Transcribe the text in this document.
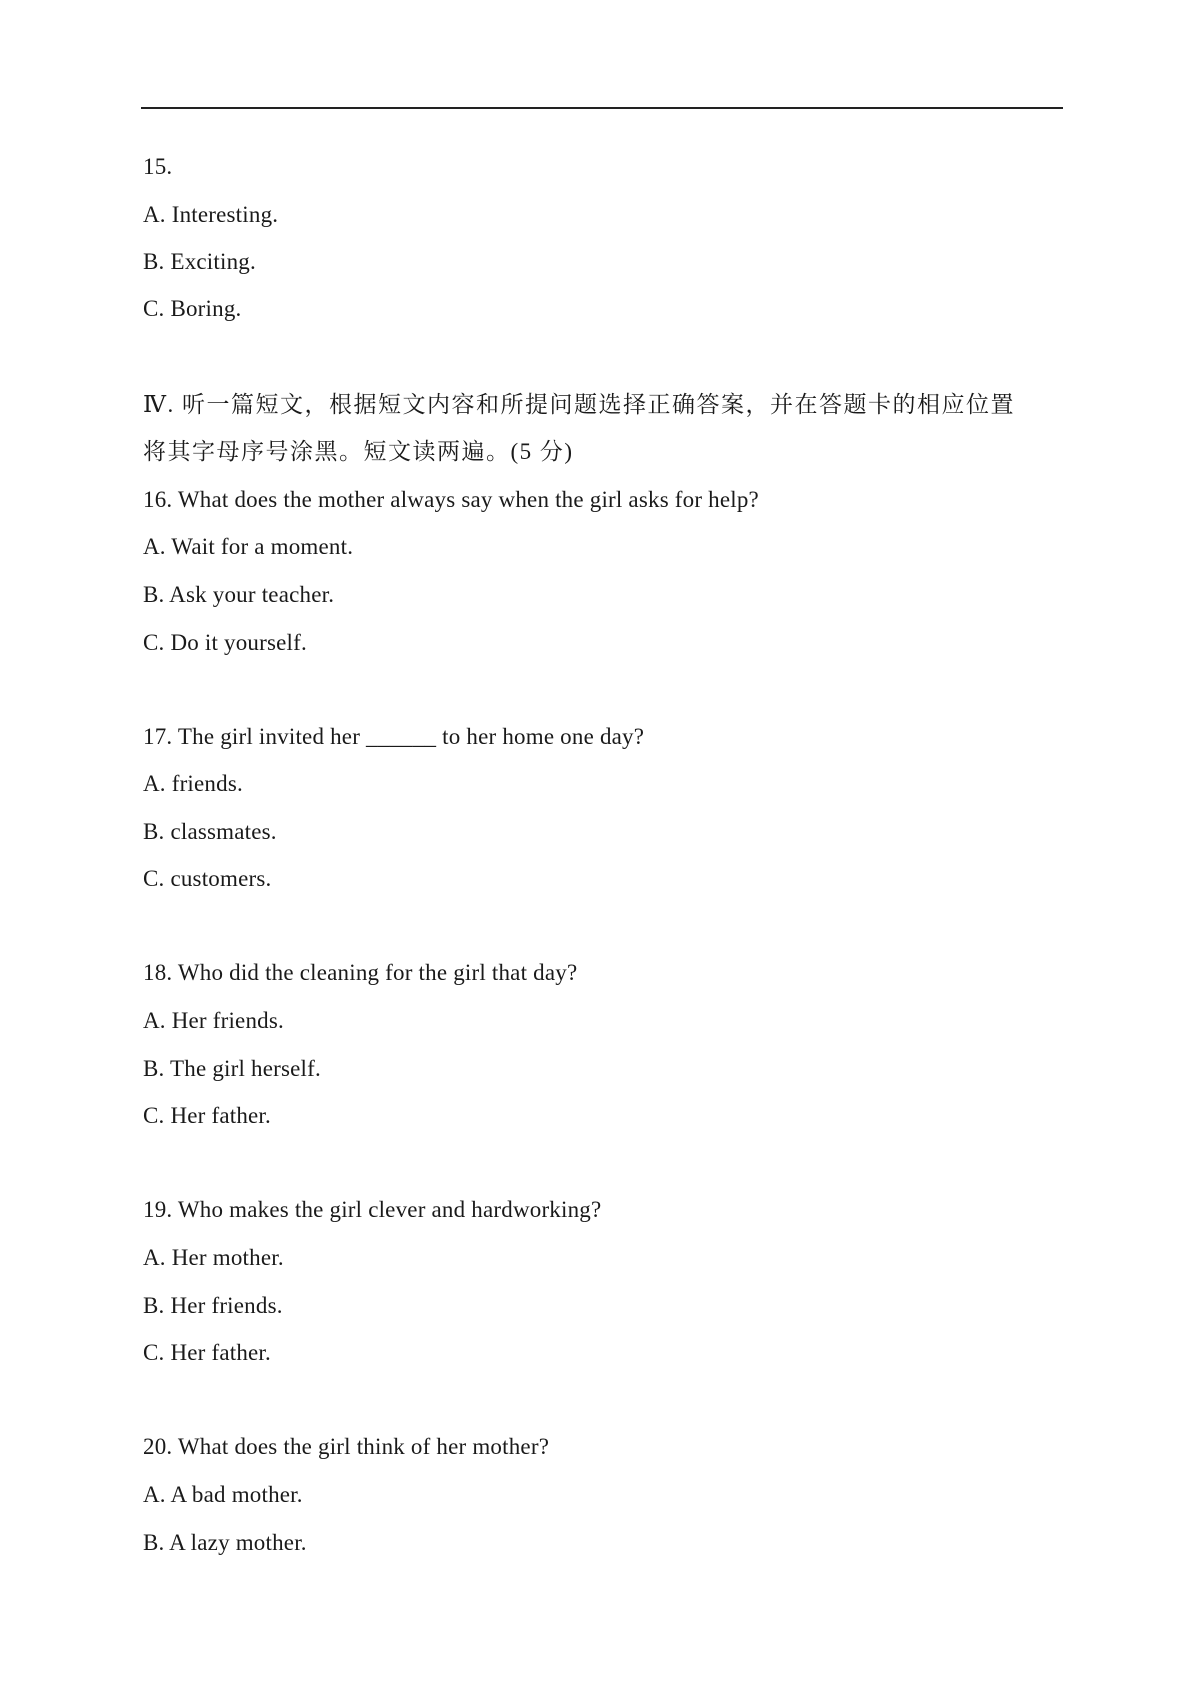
15.
A. Interesting.
B. Exciting.
C. Boring.
Ⅳ. 听一篇短文，根据短文内容和所提问题选择正确答案，并在答题卡的相应位置
将其字母序号涂黑。短文读两遍。(5 分)
16. What does the mother always say when the girl asks for help?
A. Wait for a moment.
B. Ask your teacher.
C. Do it yourself.
17. The girl invited her ______ to her home one day?
A. friends.
B. classmates.
C. customers.
18. Who did the cleaning for the girl that day?
A. Her friends.
B. The girl herself.
C. Her father.
19. Who makes the girl clever and hardworking?
A. Her mother.
B. Her friends.
C. Her father.
20. What does the girl think of her mother?
A. A bad mother.
B. A lazy mother.
